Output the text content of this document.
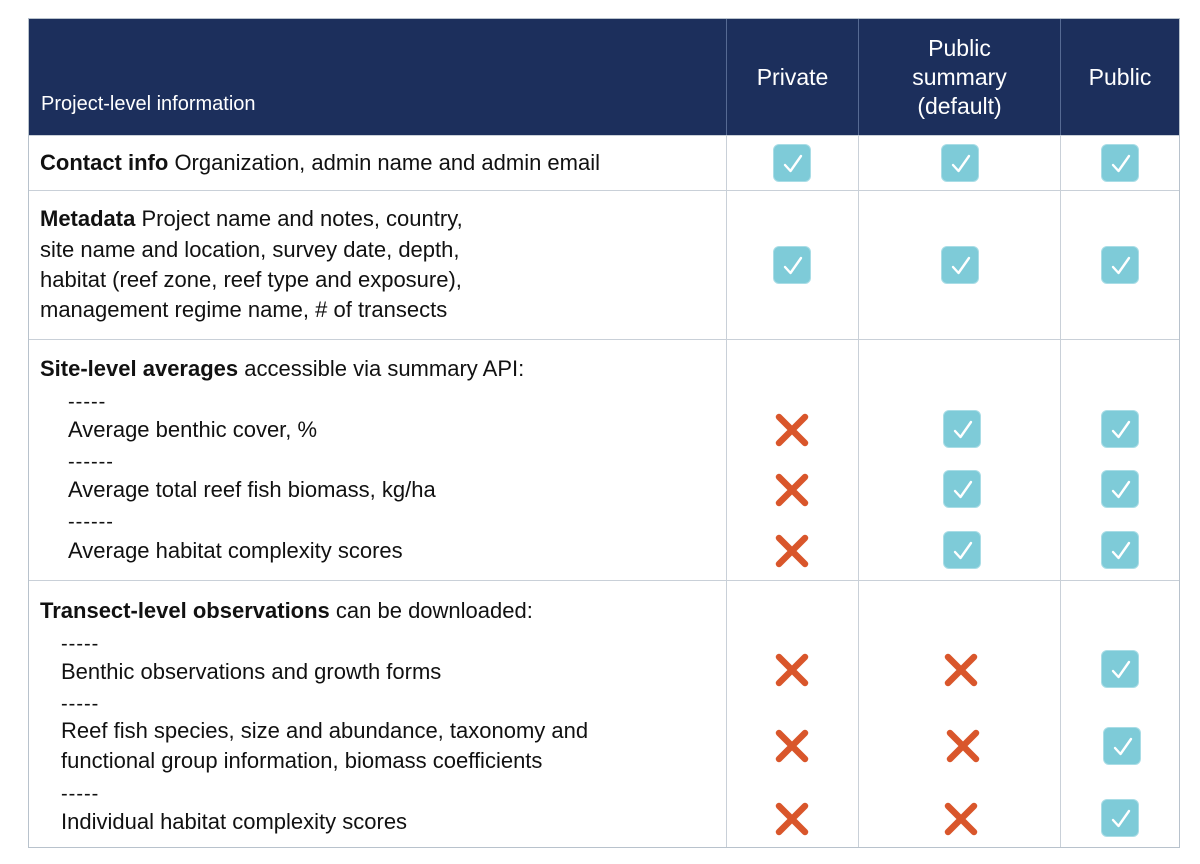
Project-level information
Private
Public
summary
(default)
Public
Contact info Organization, admin name and admin email
Metadata Project name and notes, country,
site name and location, survey date, depth,
habitat (reef zone, reef type and exposure),
management regime name, # of transects
Site-level averages accessible via summary API:
-----
Average benthic cover, %
------
Average total reef fish biomass, kg/ha
------
Average habitat complexity scores
Transect-level observations can be downloaded:
-----
Benthic observations and growth forms
-----
Reef fish species, size and abundance, taxonomy and
functional group information, biomass coefficients
-----
Individual habitat complexity scores
